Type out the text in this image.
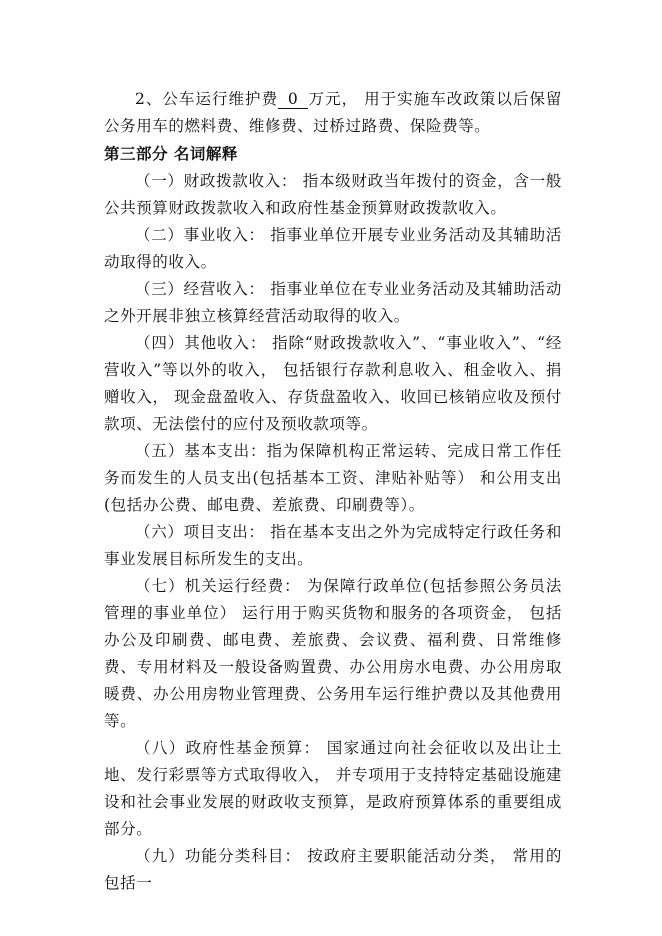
2、公车运行维护费 0 万元， 用于实施车改政策以后保留公务用车的燃料费、维修费、过桥过路费、保险费等。

第三部分 名词解释

（一）财政拨款收入： 指本级财政当年拨付的资金，含一般公共预算财政拨款收入和政府性基金预算财政拨款收入。

（二）事业收入： 指事业单位开展专业业务活动及其辅助活动取得的收入。

（三）经营收入： 指事业单位在专业业务活动及其辅助活动之外开展非独立核算经营活动取得的收入。

（四）其他收入： 指除“财政拨款收入”、“事业收入”、“经营收入”等以外的收入， 包括银行存款利息收入、租金收入、捐赠收入， 现金盘盈收入、存货盘盈收入、收回已核销应收及预付款项、无法偿付的应付及预收款项等。

（五）基本支出：指为保障机构正常运转、完成日常工作任务而发生的人员支出(包括基本工资、津贴补贴等） 和公用支出(包括办公费、邮电费、差旅费、印刷费等）。

（六）项目支出： 指在基本支出之外为完成特定行政任务和事业发展目标所发生的支出。

（七）机关运行经费： 为保障行政单位(包括参照公务员法管理的事业单位） 运行用于购买货物和服务的各项资金， 包括办公及印刷费、邮电费、差旅费、会议费、福利费、日常维修费、专用材料及一般设备购置费、办公用房水电费、办公用房取暖费、办公用房物业管理费、公务用车运行维护费以及其他费用等。

（八）政府性基金预算： 国家通过向社会征收以及出让土地、发行彩票等方式取得收入， 并专项用于支持特定基础设施建设和社会事业发展的财政收支预算，是政府预算体系的重要组成部分。

（九）功能分类科目： 按政府主要职能活动分类， 常用的包括一
